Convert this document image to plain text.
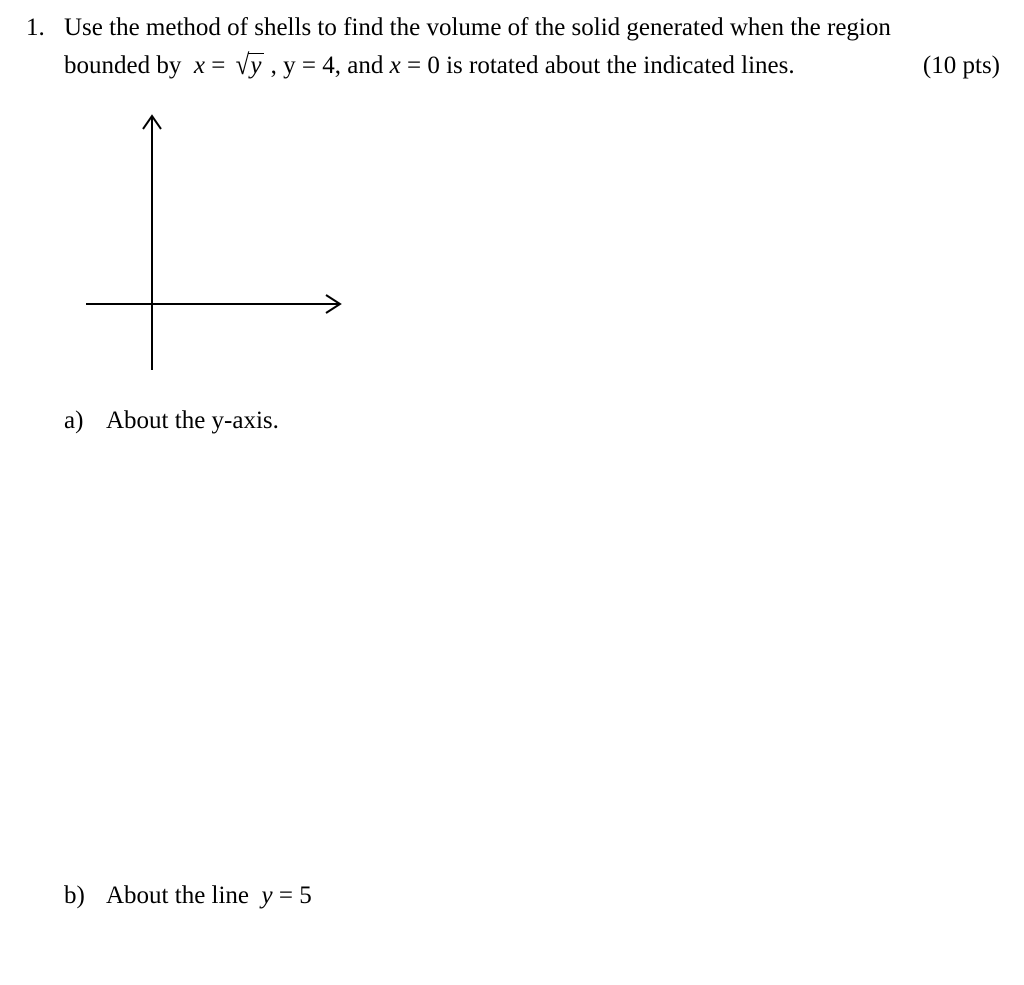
1. Use the method of shells to find the volume of the solid generated when the region
bounded by x = √y , y = 4, and x = 0 is rotated about the indicated lines.	(10 pts)
a) About the y-axis.
b) About the line y = 5
